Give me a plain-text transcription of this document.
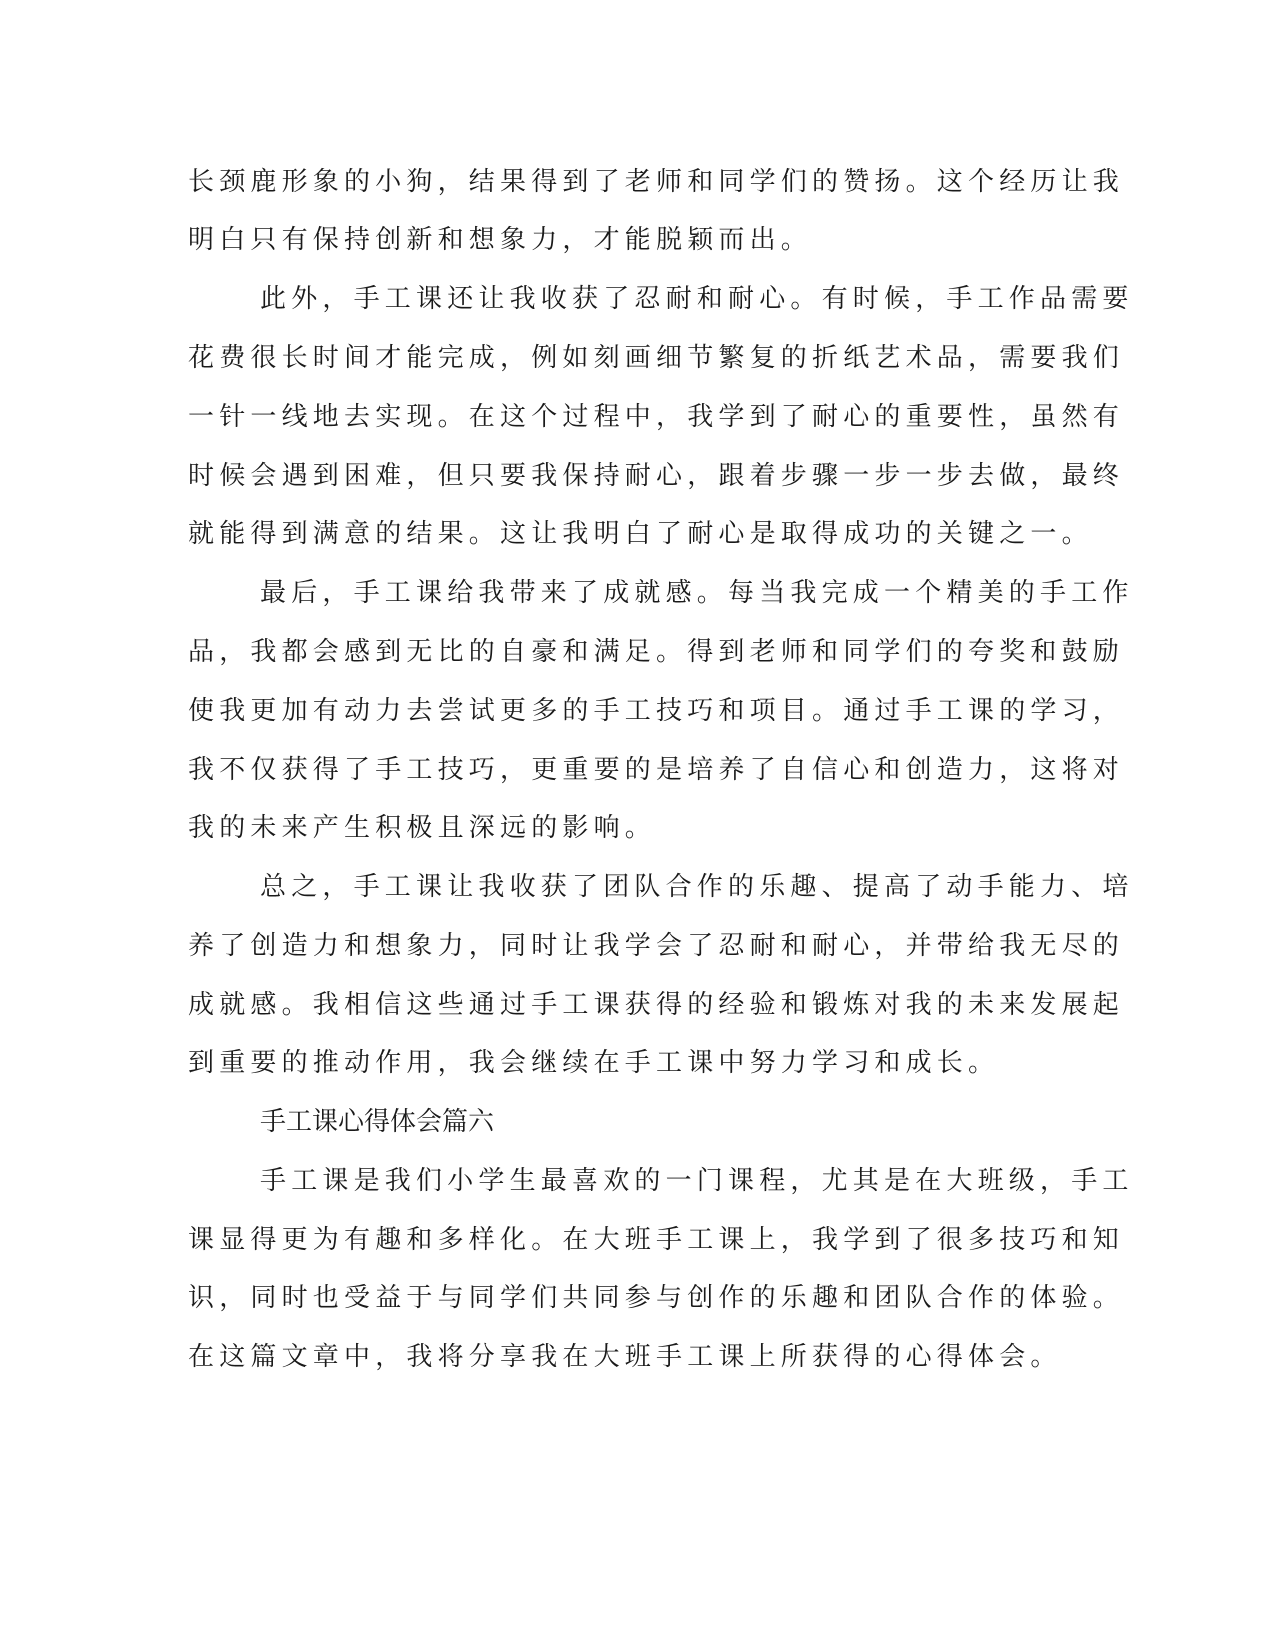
长颈鹿形象的小狗，结果得到了老师和同学们的赞扬。这个经历让我
明白只有保持创新和想象力，才能脱颖而出。
此外，手工课还让我收获了忍耐和耐心。有时候，手工作品需要
花费很长时间才能完成，例如刻画细节繁复的折纸艺术品，需要我们
一针一线地去实现。在这个过程中，我学到了耐心的重要性，虽然有
时候会遇到困难，但只要我保持耐心，跟着步骤一步一步去做，最终
就能得到满意的结果。这让我明白了耐心是取得成功的关键之一。
最后，手工课给我带来了成就感。每当我完成一个精美的手工作
品，我都会感到无比的自豪和满足。得到老师和同学们的夸奖和鼓励
使我更加有动力去尝试更多的手工技巧和项目。通过手工课的学习，
我不仅获得了手工技巧，更重要的是培养了自信心和创造力，这将对
我的未来产生积极且深远的影响。
总之，手工课让我收获了团队合作的乐趣、提高了动手能力、培
养了创造力和想象力，同时让我学会了忍耐和耐心，并带给我无尽的
成就感。我相信这些通过手工课获得的经验和锻炼对我的未来发展起
到重要的推动作用，我会继续在手工课中努力学习和成长。
手工课心得体会篇六
手工课是我们小学生最喜欢的一门课程，尤其是在大班级，手工
课显得更为有趣和多样化。在大班手工课上，我学到了很多技巧和知
识，同时也受益于与同学们共同参与创作的乐趣和团队合作的体验。
在这篇文章中，我将分享我在大班手工课上所获得的心得体会。
